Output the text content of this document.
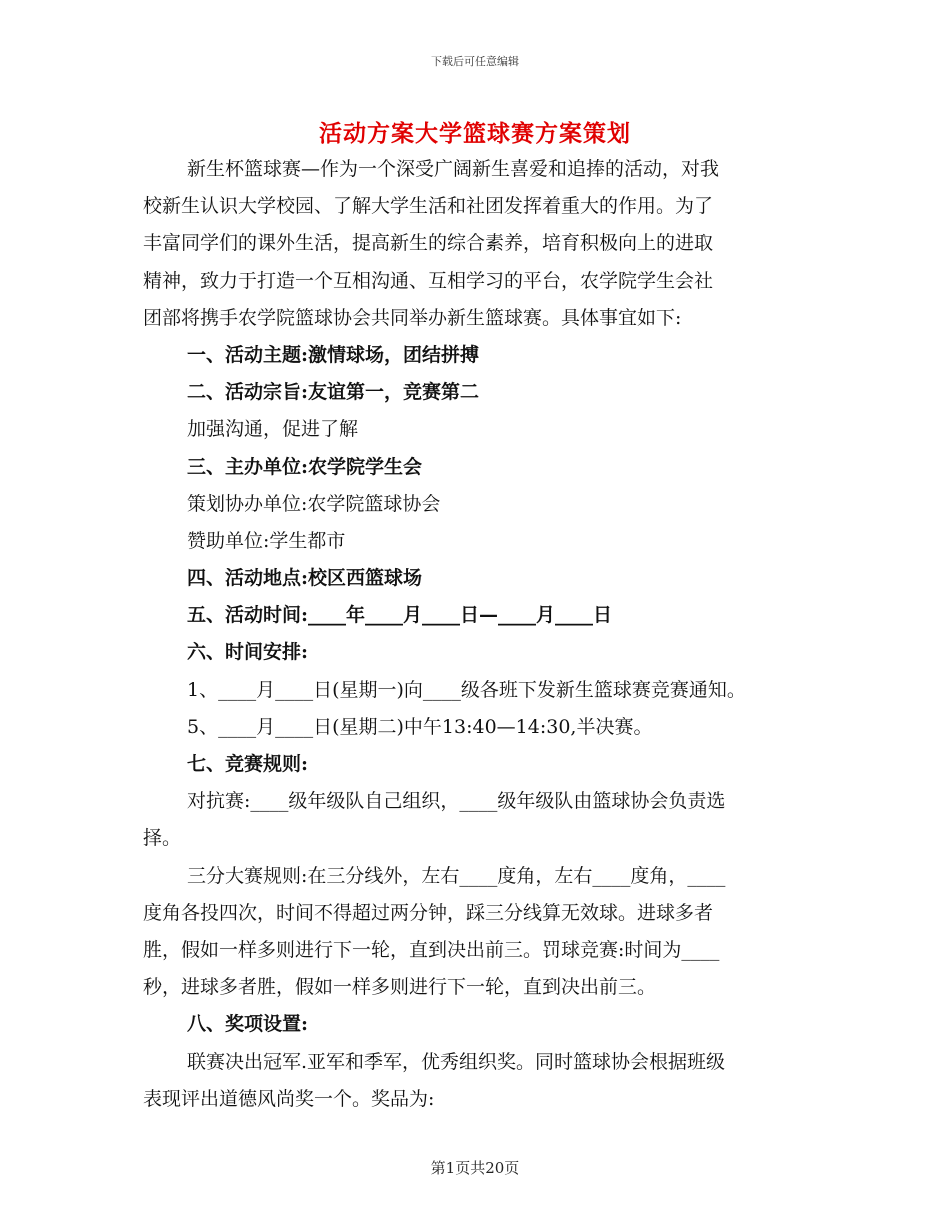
下载后可任意编辑
活动方案大学篮球赛方案策划
新生杯篮球赛—作为一个深受广阔新生喜爱和追捧的活动，对我
校新生认识大学校园、了解大学生活和社团发挥着重大的作用。为了
丰富同学们的课外生活，提高新生的综合素养，培育积极向上的进取
精神，致力于打造一个互相沟通、互相学习的平台，农学院学生会社
团部将携手农学院篮球协会共同举办新生篮球赛。具体事宜如下:
一、活动主题:激情球场，团结拼搏
二、活动宗旨:友谊第一，竞赛第二
加强沟通，促进了解
三、主办单位:农学院学生会
策划协办单位:农学院篮球协会
赞助单位:学生都市
四、活动地点:校区西篮球场
五、活动时间:____年____月____日—____月____日
六、时间安排:
1、____月____日(星期一)向____级各班下发新生篮球赛竞赛通知。
5、____月____日(星期二)中午13:40—14:30,半决赛。
七、竞赛规则:
对抗赛:____级年级队自己组织，____级年级队由篮球协会负责选
择。
三分大赛规则:在三分线外，左右____度角，左右____度角，____
度角各投四次，时间不得超过两分钟，踩三分线算无效球。进球多者
胜，假如一样多则进行下一轮，直到决出前三。罚球竞赛:时间为____
秒，进球多者胜，假如一样多则进行下一轮，直到决出前三。
八、奖项设置:
联赛决出冠军.亚军和季军，优秀组织奖。同时篮球协会根据班级
表现评出道德风尚奖一个。奖品为:
第1页共20页
